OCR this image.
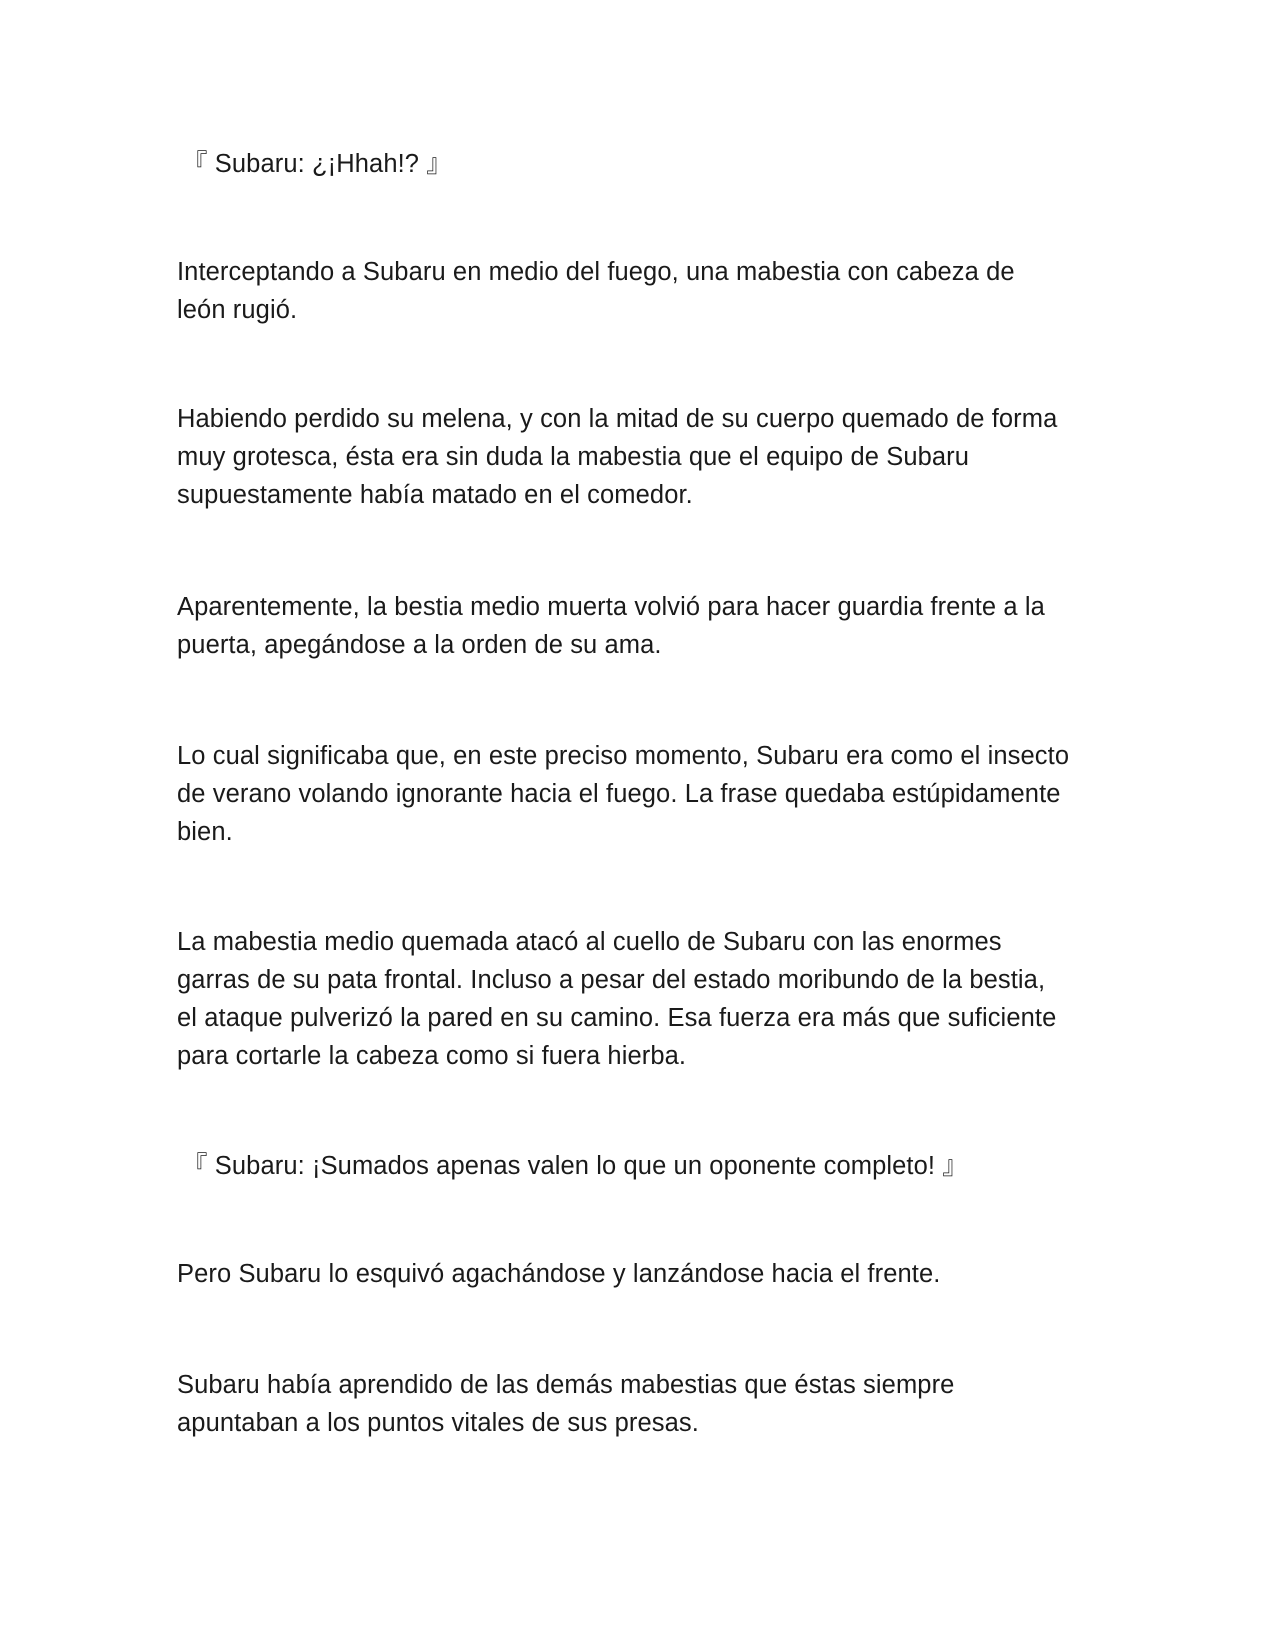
『 Subaru: ¿¡Hhah!? 』

Interceptando a Subaru en medio del fuego, una mabestia con cabeza de
león rugió.

Habiendo perdido su melena, y con la mitad de su cuerpo quemado de forma
muy grotesca, ésta era sin duda la mabestia que el equipo de Subaru
supuestamente había matado en el comedor.

Aparentemente, la bestia medio muerta volvió para hacer guardia frente a la
puerta, apegándose a la orden de su ama.

Lo cual significaba que, en este preciso momento, Subaru era como el insecto
de verano volando ignorante hacia el fuego. La frase quedaba estúpidamente
bien.

La mabestia medio quemada atacó al cuello de Subaru con las enormes
garras de su pata frontal. Incluso a pesar del estado moribundo de la bestia,
el ataque pulverizó la pared en su camino. Esa fuerza era más que suficiente
para cortarle la cabeza como si fuera hierba.

『 Subaru: ¡Sumados apenas valen lo que un oponente completo! 』

Pero Subaru lo esquivó agachándose y lanzándose hacia el frente.

Subaru había aprendido de las demás mabestias que éstas siempre
apuntaban a los puntos vitales de sus presas.
